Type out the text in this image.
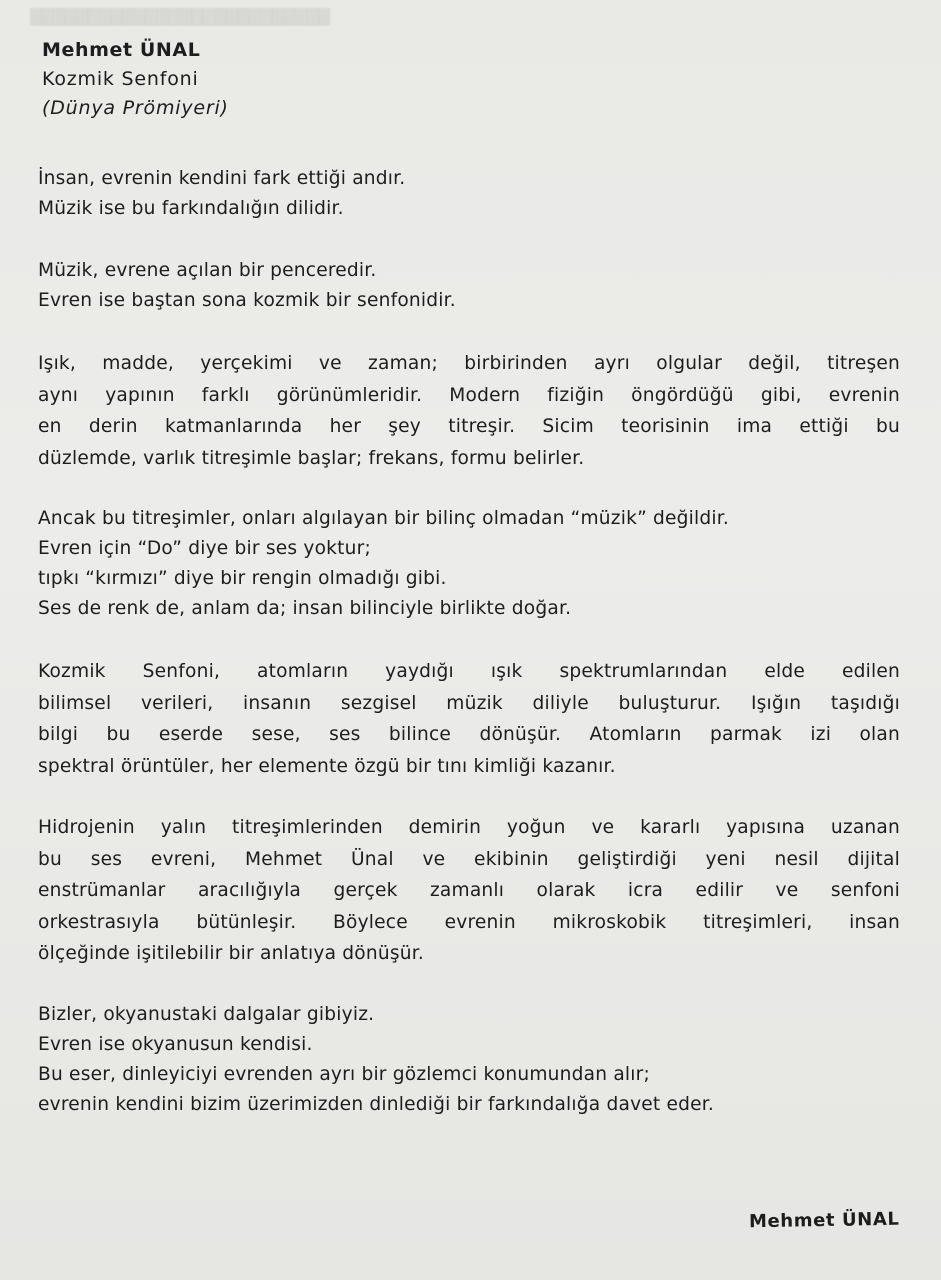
██████████████████████████
Mehmet ÜNAL
Kozmik Senfoni
(Dünya Prömiyeri)
İnsan, evrenin kendini fark ettiği andır.
Müzik ise bu farkındalığın dilidir.
Müzik, evrene açılan bir penceredir.
Evren ise baştan sona kozmik bir senfonidir.
Işık, madde, yerçekimi ve zaman; birbirinden ayrı olgular değil, titreşen
aynı yapının farklı görünümleridir. Modern fiziğin öngördüğü gibi, evrenin
en derin katmanlarında her şey titreşir. Sicim teorisinin ima ettiği bu
düzlemde, varlık titreşimle başlar; frekans, formu belirler.
Ancak bu titreşimler, onları algılayan bir bilinç olmadan “müzik” değildir.
Evren için “Do” diye bir ses yoktur;
tıpkı “kırmızı” diye bir rengin olmadığı gibi.
Ses de renk de, anlam da; insan bilinciyle birlikte doğar.
Kozmik Senfoni, atomların yaydığı ışık spektrumlarından elde edilen
bilimsel verileri, insanın sezgisel müzik diliyle buluşturur. Işığın taşıdığı
bilgi bu eserde sese, ses bilince dönüşür. Atomların parmak izi olan
spektral örüntüler, her elemente özgü bir tını kimliği kazanır.
Hidrojenin yalın titreşimlerinden demirin yoğun ve kararlı yapısına uzanan
bu ses evreni, Mehmet Ünal ve ekibinin geliştirdiği yeni nesil dijital
enstrümanlar aracılığıyla gerçek zamanlı olarak icra edilir ve senfoni
orkestrasıyla bütünleşir. Böylece evrenin mikroskobik titreşimleri, insan
ölçeğinde işitilebilir bir anlatıya dönüşür.
Bizler, okyanustaki dalgalar gibiyiz.
Evren ise okyanusun kendisi.
Bu eser, dinleyiciyi evrenden ayrı bir gözlemci konumundan alır;
evrenin kendini bizim üzerimizden dinlediği bir farkındalığa davet eder.
Mehmet ÜNAL
